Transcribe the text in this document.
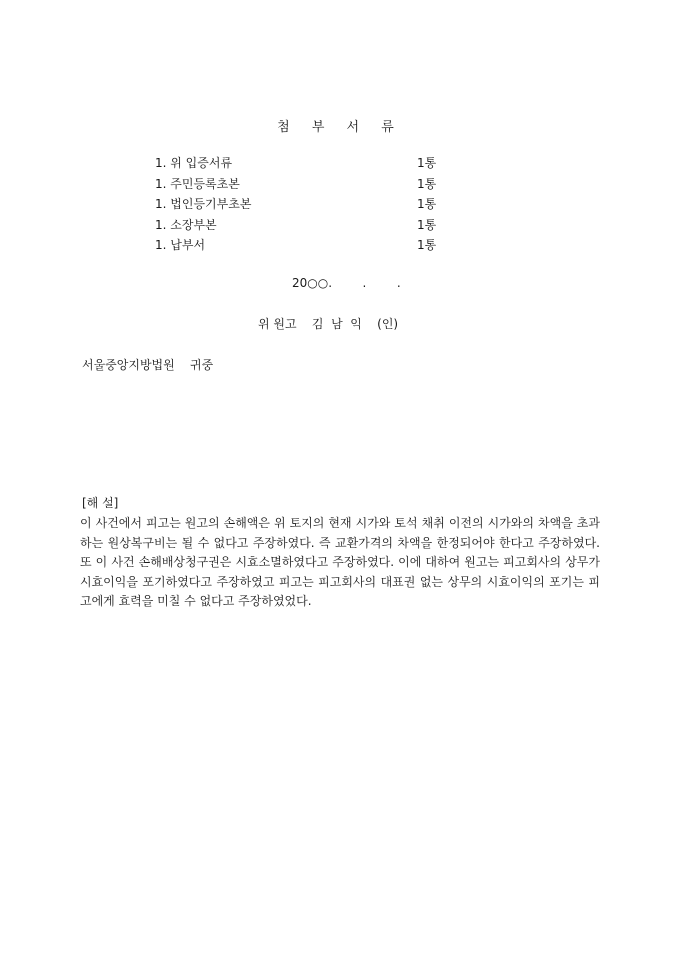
첨 부 서 류
1. 위 입증서류	1통
1. 주민등록초본	1통
1. 법인등기부초본	1통
1. 소장부본	1통
1. 납부서	1통
20○○.	.	.
위 원고    김  남  익    (인)
서울중앙지방법원    귀중
[해 설]
이 사건에서 피고는 원고의 손해액은 위 토지의 현재 시가와 토석 채취 이전의 시가와의 차액을 초과하는 원상복구비는 될 수 없다고 주장하였다. 즉 교환가격의 차액을 한정되어야 한다고 주장하였다.또 이 사건 손해배상청구권은 시효소멸하였다고 주장하였다. 이에 대하여 원고는 피고회사의 상무가 시효이익을 포기하였다고 주장하였고 피고는 피고회사의 대표권 없는 상무의 시효이익의 포기는 피고에게 효력을 미칠 수 없다고 주장하였었다.
